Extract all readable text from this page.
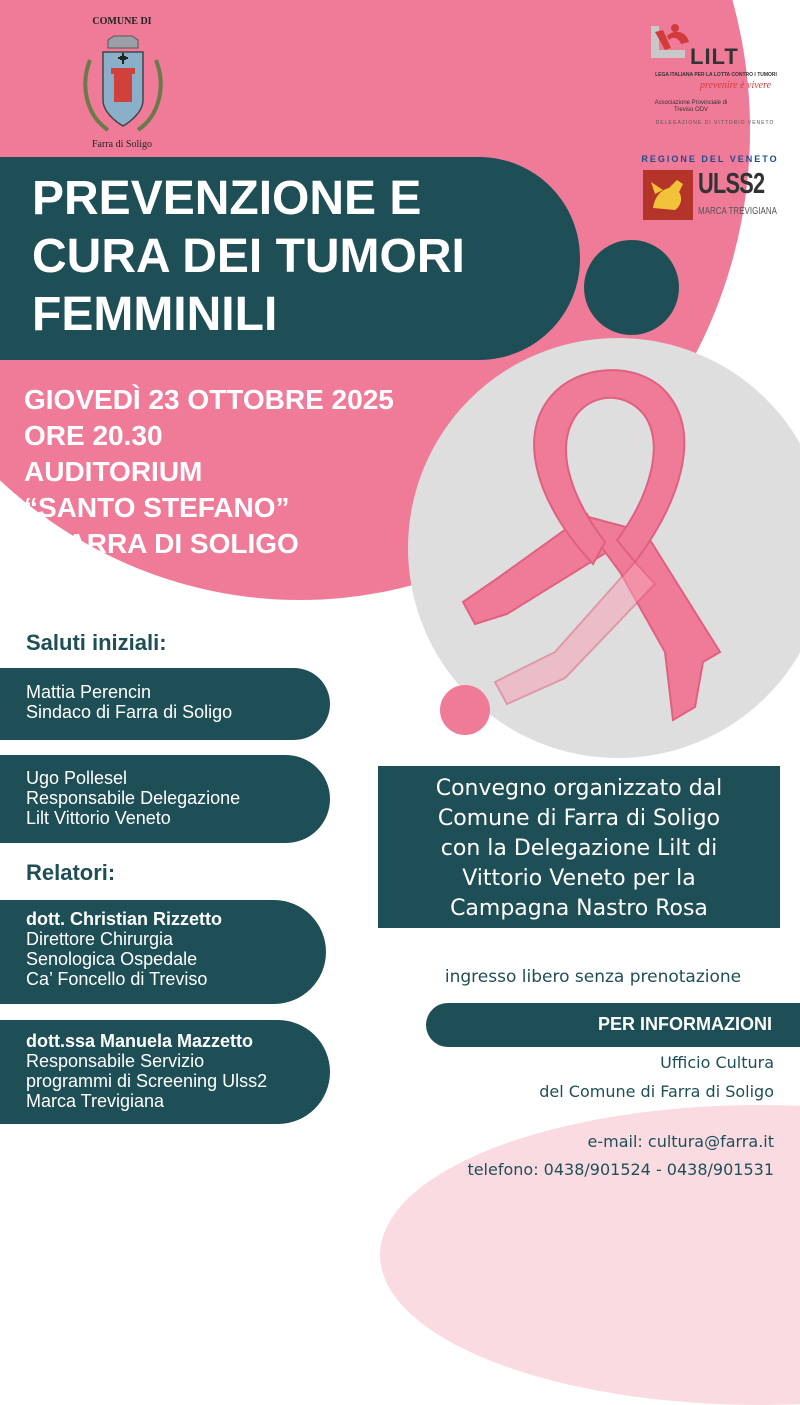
COMUNE DI
Farra di Soligo
LILT
LEGA ITALIANA PER LA LOTTA CONTRO I TUMORI
prevenire è vivere
Associazione Provinciale di Treviso ODV
DELEGAZIONE DI VITTORIO VENETO
REGIONE DEL VENETO
ULSS2
MARCA TREVIGIANA
PREVENZIONE E
CURA DEI TUMORI
FEMMINILI
GIOVEDÌ 23 OTTOBRE 2025
ORE 20.30
AUDITORIUM
“SANTO STEFANO”
A FARRA DI SOLIGO
Saluti iniziali:
Mattia Perencin
Sindaco di Farra di Soligo
Ugo Pollesel
Responsabile Delegazione
Lilt Vittorio Veneto
Relatori:
dott. Christian Rizzetto
Direttore Chirurgia
Senologica Ospedale
Ca’ Foncello di Treviso
dott.ssa Manuela Mazzetto
Responsabile Servizio
programmi di Screening Ulss2
Marca Trevigiana
Convegno organizzato dal
Comune di Farra di Soligo
con la Delegazione Lilt di
Vittorio Veneto per la
Campagna Nastro Rosa
ingresso libero senza prenotazione
PER INFORMAZIONI
Ufficio Cultura
del Comune di Farra di Soligo
e-mail: cultura@farra.it
telefono: 0438/901524 - 0438/901531
